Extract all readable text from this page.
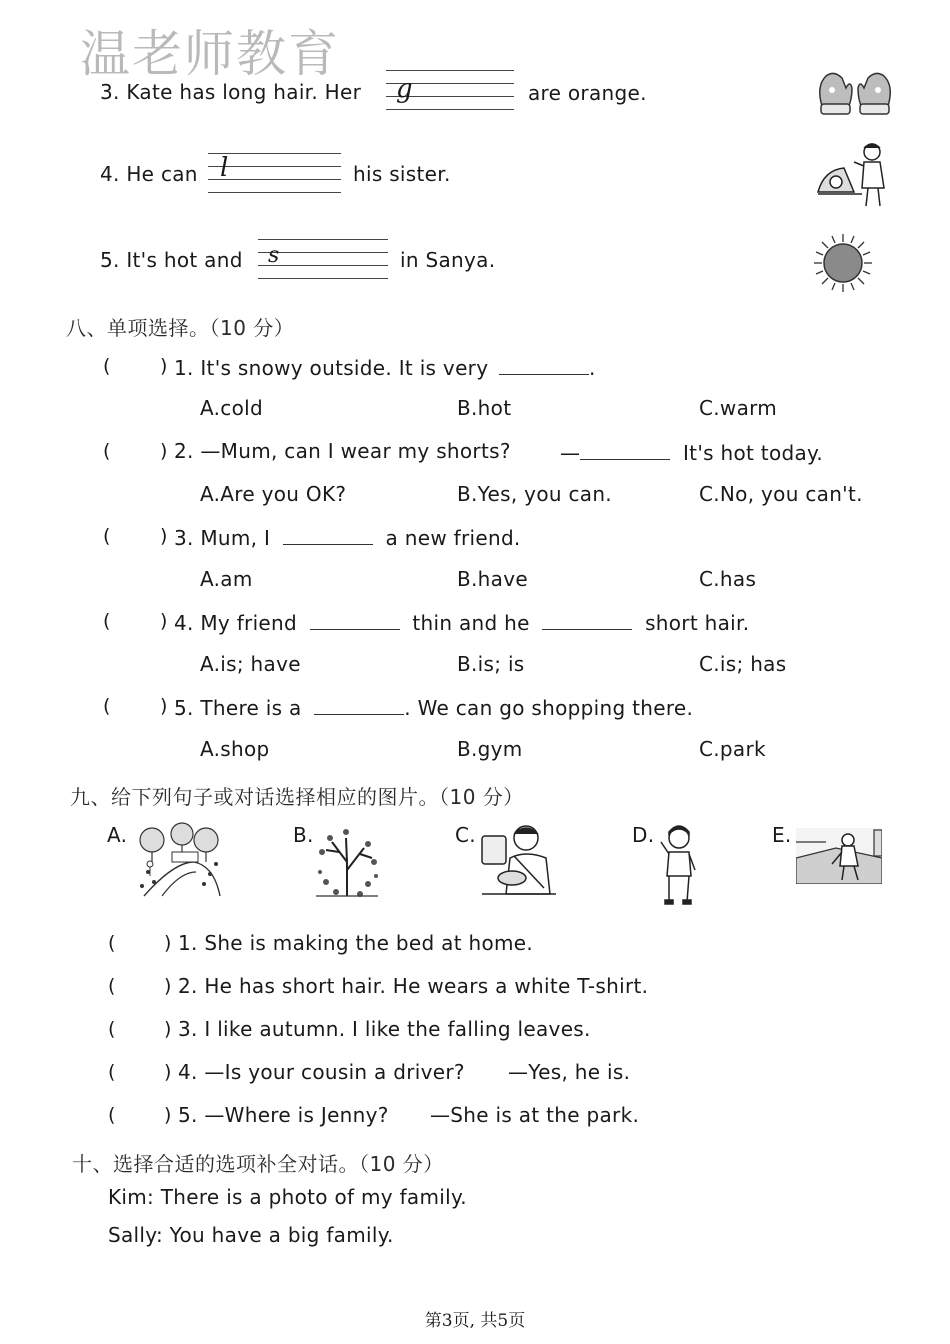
温老师教育
3. Kate has long hair. Her g	are orange.
4. He can l	his sister.
5. It's hot and s	in Sanya.
八、单项选择。（10 分）
(	) 1. It's snowy outside. It is very	.
A.cold	B.hot	C.warm
(	) 2. —Mum, can I wear my shorts? —	It's hot today.
A.Are you OK?	B.Yes, you can.	C.No, you can't.
(	) 3. Mum, I	a new friend.
A.am	B.have	C.has
(	) 4. My friend	thin and he	short hair.
A.is; have	B.is; is	C.is; has
(	) 5. There is a	. We can go shopping there.
A.shop	B.gym	C.park
九、给下列句子或对话选择相应的图片。（10 分）
A.	B.	C.	D.	E.
(	) 1. She is making the bed at home.
(	) 2. He has short hair. He wears a white T-shirt.
(	) 3. I like autumn. I like the falling leaves.
(	) 4. —Is your cousin a driver? —Yes, he is.
(	) 5. —Where is Jenny? —She is at the park.
十、选择合适的选项补全对话。（10 分）
Kim: There is a photo of my family.
Sally: You have a big family.
第3页, 共5页
